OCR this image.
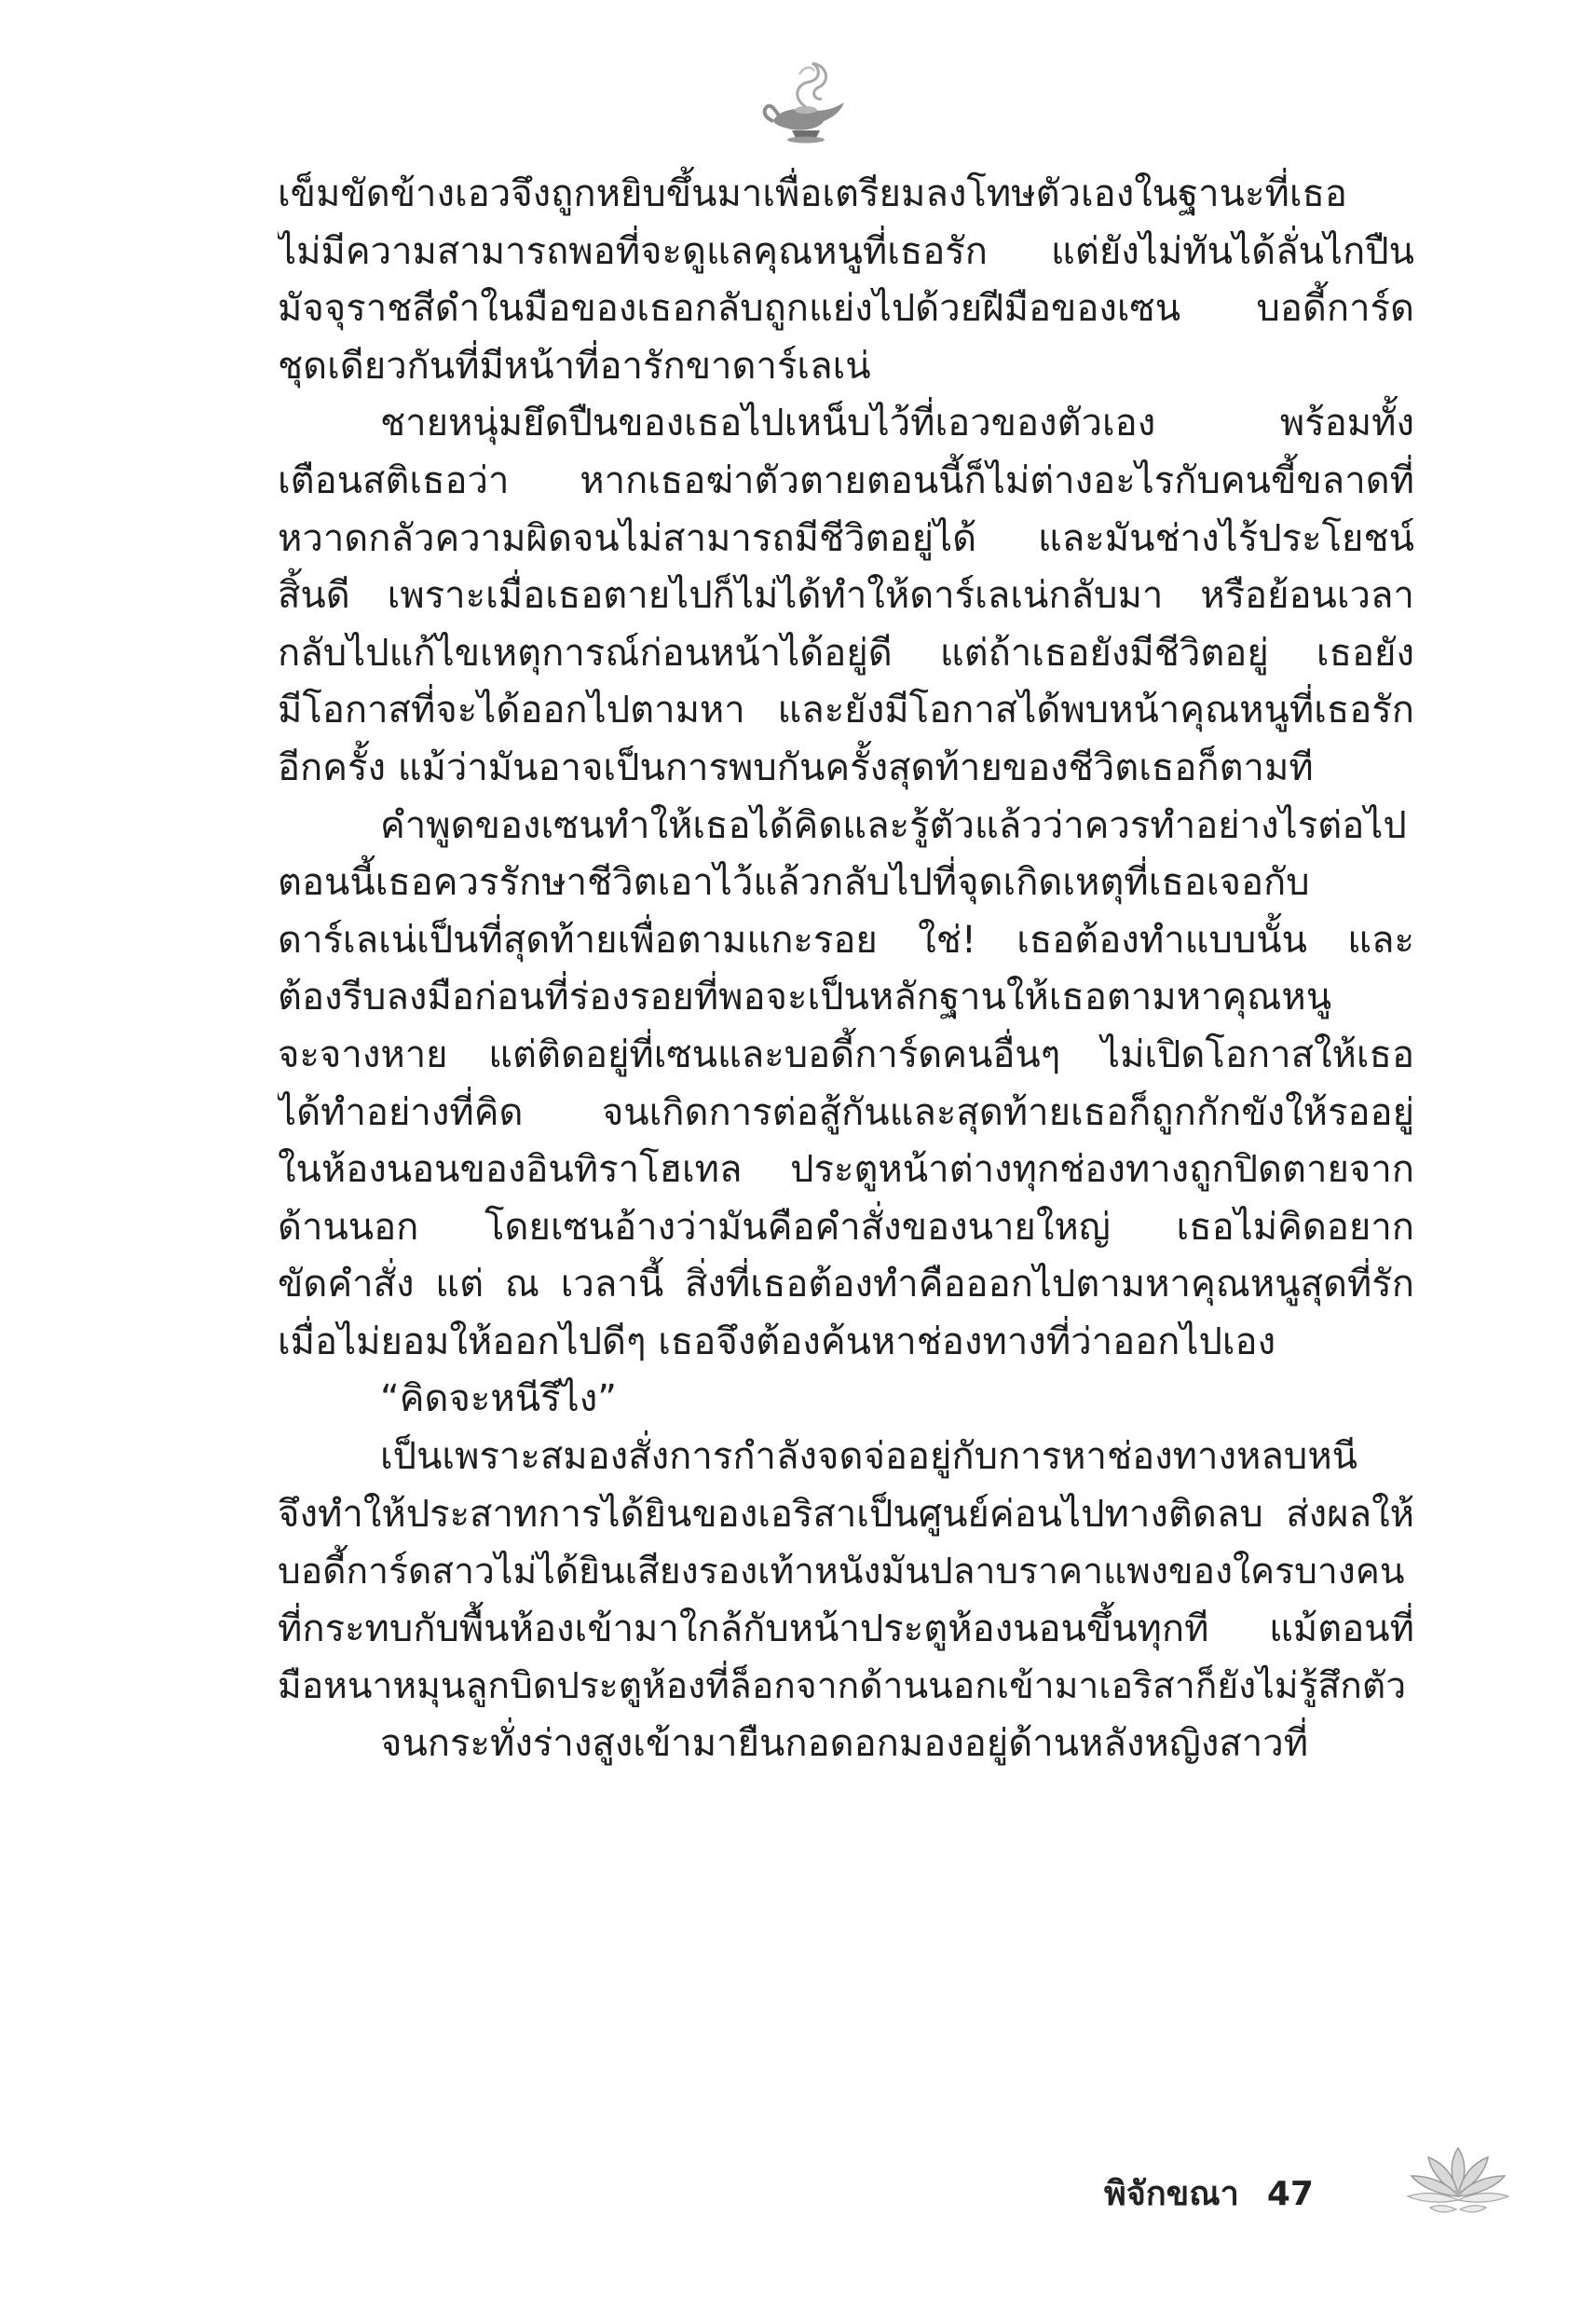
เข็มขัดข้างเอวจึงถูกหยิบขึ้นมาเพื่อเตรียมลงโทษตัวเองในฐานะที่เธอ
ไม่มีความสามารถพอที่จะดูแลคุณหนูที่เธอรัก แต่ยังไม่ทันได้ลั่นไกปืน
มัจจุราชสีดำในมือของเธอกลับถูกแย่งไปด้วยฝีมือของเซน บอดี้การ์ด
ชุดเดียวกันที่มีหน้าที่อารักขาดาร์เลเน่
ชายหนุ่มยึดปืนของเธอไปเหน็บไว้ที่เอวของตัวเอง พร้อมทั้ง
เตือนสติเธอว่า หากเธอฆ่าตัวตายตอนนี้ก็ไม่ต่างอะไรกับคนขี้ขลาดที่
หวาดกลัวความผิดจนไม่สามารถมีชีวิตอยู่ได้ และมันช่างไร้ประโยชน์
สิ้นดี เพราะเมื่อเธอตายไปก็ไม่ได้ทำให้ดาร์เลเน่กลับมา หรือย้อนเวลา
กลับไปแก้ไขเหตุการณ์ก่อนหน้าได้อยู่ดี แต่ถ้าเธอยังมีชีวิตอยู่ เธอยัง
มีโอกาสที่จะได้ออกไปตามหา และยังมีโอกาสได้พบหน้าคุณหนูที่เธอรัก
อีกครั้ง แม้ว่ามันอาจเป็นการพบกันครั้งสุดท้ายของชีวิตเธอก็ตามที
คำพูดของเซนทำให้เธอได้คิดและรู้ตัวแล้วว่าควรทำอย่างไรต่อไป
ตอนนี้เธอควรรักษาชีวิตเอาไว้แล้วกลับไปที่จุดเกิดเหตุที่เธอเจอกับ
ดาร์เลเน่เป็นที่สุดท้ายเพื่อตามแกะรอย ใช่! เธอต้องทำแบบนั้น และ
ต้องรีบลงมือก่อนที่ร่องรอยที่พอจะเป็นหลักฐานให้เธอตามหาคุณหนู
จะจางหาย แต่ติดอยู่ที่เซนและบอดี้การ์ดคนอื่นๆ ไม่เปิดโอกาสให้เธอ
ได้ทำอย่างที่คิด จนเกิดการต่อสู้กันและสุดท้ายเธอก็ถูกกักขังให้รออยู่
ในห้องนอนของอินทิราโฮเทล ประตูหน้าต่างทุกช่องทางถูกปิดตายจาก
ด้านนอก โดยเซนอ้างว่ามันคือคำสั่งของนายใหญ่ เธอไม่คิดอยาก
ขัดคำสั่ง แต่ ณ เวลานี้ สิ่งที่เธอต้องทำคือออกไปตามหาคุณหนูสุดที่รัก
เมื่อไม่ยอมให้ออกไปดีๆ เธอจึงต้องค้นหาช่องทางที่ว่าออกไปเอง
“คิดจะหนีรึไง”
เป็นเพราะสมองสั่งการกำลังจดจ่ออยู่กับการหาช่องทางหลบหนี
จึงทำให้ประสาทการได้ยินของเอริสาเป็นศูนย์ค่อนไปทางติดลบ ส่งผลให้
บอดี้การ์ดสาวไม่ได้ยินเสียงรองเท้าหนังมันปลาบราคาแพงของใครบางคน
ที่กระทบกับพื้นห้องเข้ามาใกล้กับหน้าประตูห้องนอนขึ้นทุกที แม้ตอนที่
มือหนาหมุนลูกบิดประตูห้องที่ล็อกจากด้านนอกเข้ามาเอริสาก็ยังไม่รู้สึกตัว
จนกระทั่งร่างสูงเข้ามายืนกอดอกมองอยู่ด้านหลังหญิงสาวที่
พิจักขณา 47
